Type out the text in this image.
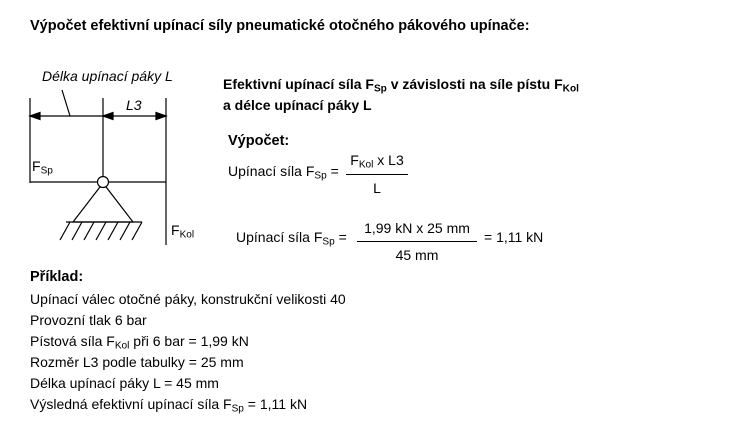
Výpočet efektivní upínací síly pneumatické otočného pákového upínače:
Délka upínací páky L
L3
$F_{Sp}$
$F_{Kol}$
Efektivní upínací síla $F_{Sp}$ v závislosti na síle pístu $F_{Kol}$
a délce upínací páky L
Výpočet:
Upínací síla $F_{Sp}$ =
$F_{Kol}$ x L3
L
Upínací síla $F_{Sp}$ =
1,99 kN x 25 mm
45 mm
= 1,11 kN
Příklad:
Upínací válec otočné páky, konstrukční velikosti 40
Provozní tlak 6 bar
Pístová síla $F_{Kol}$ při 6 bar = 1,99 kN
Rozměr L3 podle tabulky = 25 mm
Délka upínací páky L = 45 mm
Výsledná efektivní upínací síla $F_{Sp} = 1,11$ kN
